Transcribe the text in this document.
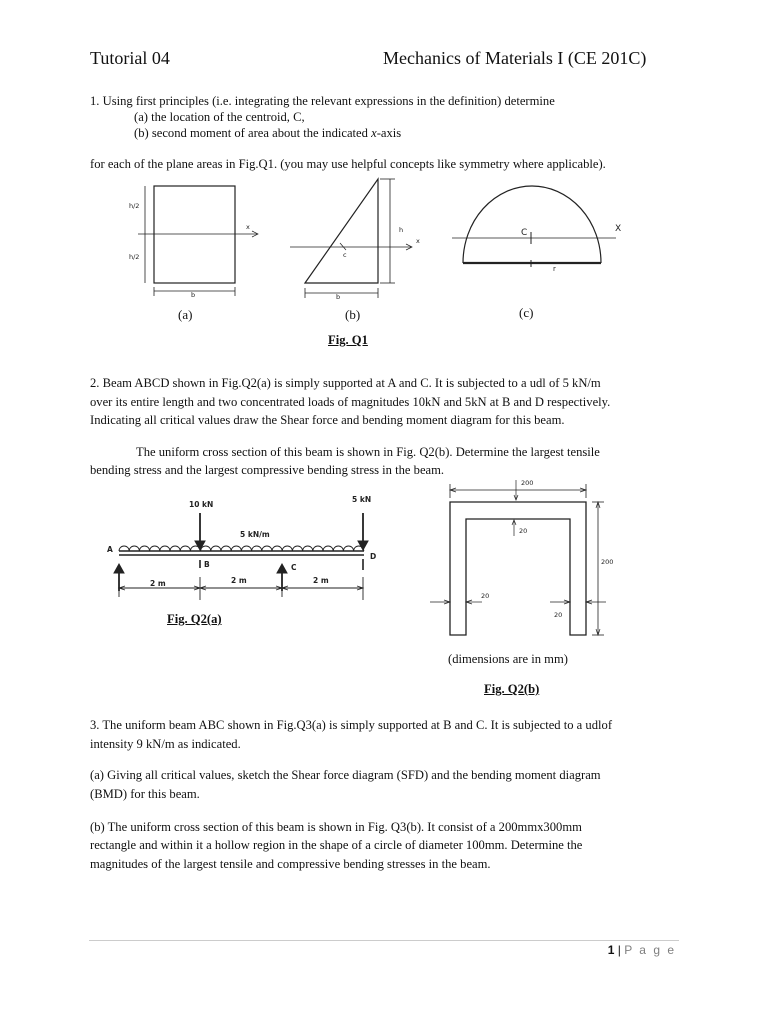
Tutorial 04	Mechanics of Materials I (CE 201C)
1. Using first principles (i.e. integrating the relevant expressions in the definition) determine
(a) the location of the centroid, C,
(b) second moment of area about the indicated x-axis
for each of the plane areas in Fig.Q1. (you may use helpful concepts like symmetry where applicable).
h/2
h/2
b
x	h
x
c
b
C	X
r
(a)	(b)	(c)
Fig. Q1
2. Beam ABCD shown in Fig.Q2(a) is simply supported at A and C. It is subjected to a udl of 5 kN/m
over its entire length and two concentrated loads of magnitudes 10kN and 5kN at B and D respectively.
Indicating all critical values draw the Shear force and bending moment diagram for this beam.
The uniform cross section of this beam is shown in Fig. Q2(b). Determine the largest tensile
bending stress and the largest compressive bending stress in the beam.
10 kN
5 kN
5 kN/m
A
B	C
D
2 m	2 m	2 m
Fig. Q2(a)
200
20
200
20
20
(dimensions are in mm)
Fig. Q2(b)
3. The uniform beam ABC shown in Fig.Q3(a) is simply supported at B and C. It is subjected to a udlof
intensity 9 kN/m as indicated.
(a) Giving all critical values, sketch the Shear force diagram (SFD) and the bending moment diagram
(BMD) for this beam.
(b) The uniform cross section of this beam is shown in Fig. Q3(b). It consist of a 200mmx300mm
rectangle and within it a hollow region in the shape of a circle of diameter 100mm. Determine the
magnitudes of the largest tensile and compressive bending stresses in the beam.
1 | P a g e
